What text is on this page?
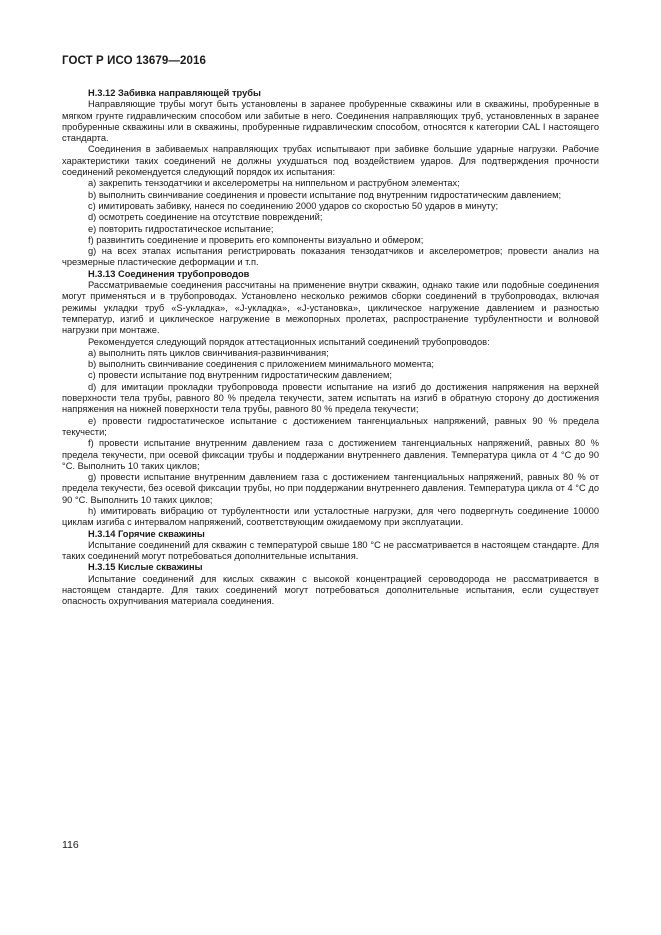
ГОСТ Р ИСО 13679—2016
Н.3.12 Забивка направляющей трубы

Направляющие трубы могут быть установлены в заранее пробуренные скважины или в скважины, пробуренные в мягком грунте гидравлическим способом или забитые в него. Соединения направляющих труб, установленных в заранее пробуренные скважины или в скважины, пробуренные гидравлическим способом, относятся к категории CAL I настоящего стандарта.

Соединения в забиваемых направляющих трубах испытывают при забивке большие ударные нагрузки. Рабочие характеристики таких соединений не должны ухудшаться под воздействием ударов. Для подтверждения прочности соединений рекомендуется следующий порядок их испытания:

а) закрепить тензодатчики и акселерометры на ниппельном и раструбном элементах;

b) выполнить свинчивание соединения и провести испытание под внутренним гидростатическим давлением;

с) имитировать забивку, нанеся по соединению 2000 ударов со скоростью 50 ударов в минуту;

d) осмотреть соединение на отсутствие повреждений;

е) повторить гидростатическое испытание;

f) развинтить соединение и проверить его компоненты визуально и обмером;

g) на всех этапах испытания регистрировать показания тензодатчиков и акселерометров; провести анализ на чрезмерные пластические деформации и т.п.

Н.3.13 Соединения трубопроводов

Рассматриваемые соединения рассчитаны на применение внутри скважин, однако такие или подобные соединения могут применяться и в трубопроводах. Установлено несколько режимов сборки соединений в трубопроводах, включая режимы укладки труб «S-укладка», «J-укладка», «J-установка», циклическое нагружение давлением и разностью температур, изгиб и циклическое нагружение в межопорных пролетах, распространение турбулентности и волновой нагрузки при монтаже.

Рекомендуется следующий порядок аттестационных испытаний соединений трубопроводов:

а) выполнить пять циклов свинчивания-развинчивания;

b) выполнить свинчивание соединения с приложением минимального момента;

с) провести испытание под внутренним гидростатическим давлением;

d) для имитации прокладки трубопровода провести испытание на изгиб до достижения напряжения на верхней поверхности тела трубы, равного 80 % предела текучести, затем испытать на изгиб в обратную сторону до достижения напряжения на нижней поверхности тела трубы, равного 80 % предела текучести;

е) провести гидростатическое испытание с достижением тангенциальных напряжений, равных 90 % предела текучести;

f) провести испытание внутренним давлением газа с достижением тангенциальных напряжений, равных 80 % предела текучести, при осевой фиксации трубы и поддержании внутреннего давления. Температура цикла от 4 °С до 90 °С. Выполнить 10 таких циклов;

g) провести испытание внутренним давлением газа с достижением тангенциальных напряжений, равных 80 % от предела текучести, без осевой фиксации трубы, но при поддержании внутреннего давления. Температура цикла от 4 °С до 90 °С. Выполнить 10 таких циклов;

h) имитировать вибрацию от турбулентности или усталостные нагрузки, для чего подвергнуть соединение 10000 циклам изгиба с интервалом напряжений, соответствующим ожидаемому при эксплуатации.

Н.3.14 Горячие скважины

Испытание соединений для скважин с температурой свыше 180 °С не рассматривается в настоящем стандарте. Для таких соединений могут потребоваться дополнительные испытания.

Н.3.15 Кислые скважины

Испытание соединений для кислых скважин с высокой концентрацией сероводорода не рассматривается в настоящем стандарте. Для таких соединений могут потребоваться дополнительные испытания, если существует опасность охрупчивания материала соединения.

116
